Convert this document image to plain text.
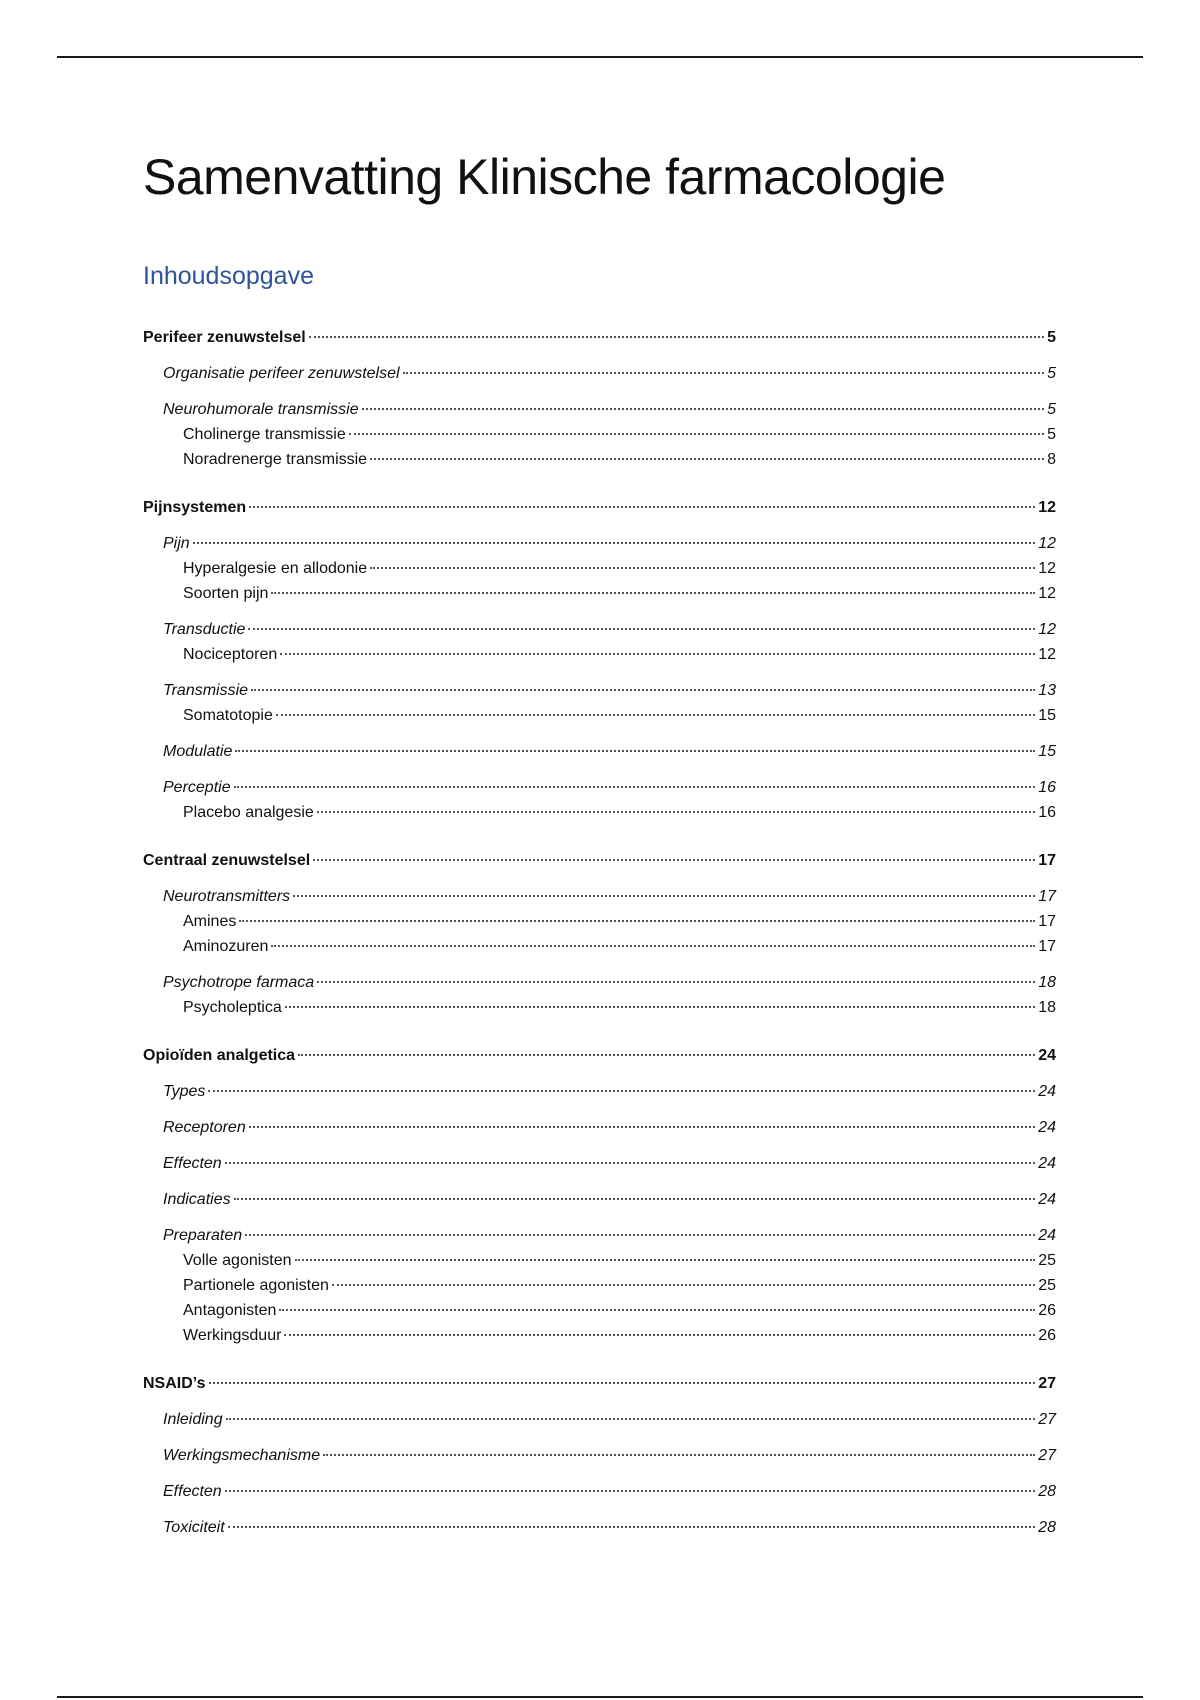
Samenvatting Klinische farmacologie
Inhoudsopgave
Perifeer zenuwstelsel	5
Organisatie perifeer zenuwstelsel	5
Neurohumorale transmissie	5
Cholinerge transmissie	5
Noradrenerge transmissie	8
Pijnsystemen	12
Pijn	12
Hyperalgesie en allodonie	12
Soorten pijn	12
Transductie	12
Nociceptoren	12
Transmissie	13
Somatotopie	15
Modulatie	15
Perceptie	16
Placebo analgesie	16
Centraal zenuwstelsel	17
Neurotransmitters	17
Amines	17
Aminozuren	17
Psychotrope farmaca	18
Psycholeptica	18
Opioïden analgetica	24
Types	24
Receptoren	24
Effecten	24
Indicaties	24
Preparaten	24
Volle agonisten	25
Partionele agonisten	25
Antagonisten	26
Werkingsduur	26
NSAID’s	27
Inleiding	27
Werkingsmechanisme	27
Effecten	28
Toxiciteit	28
